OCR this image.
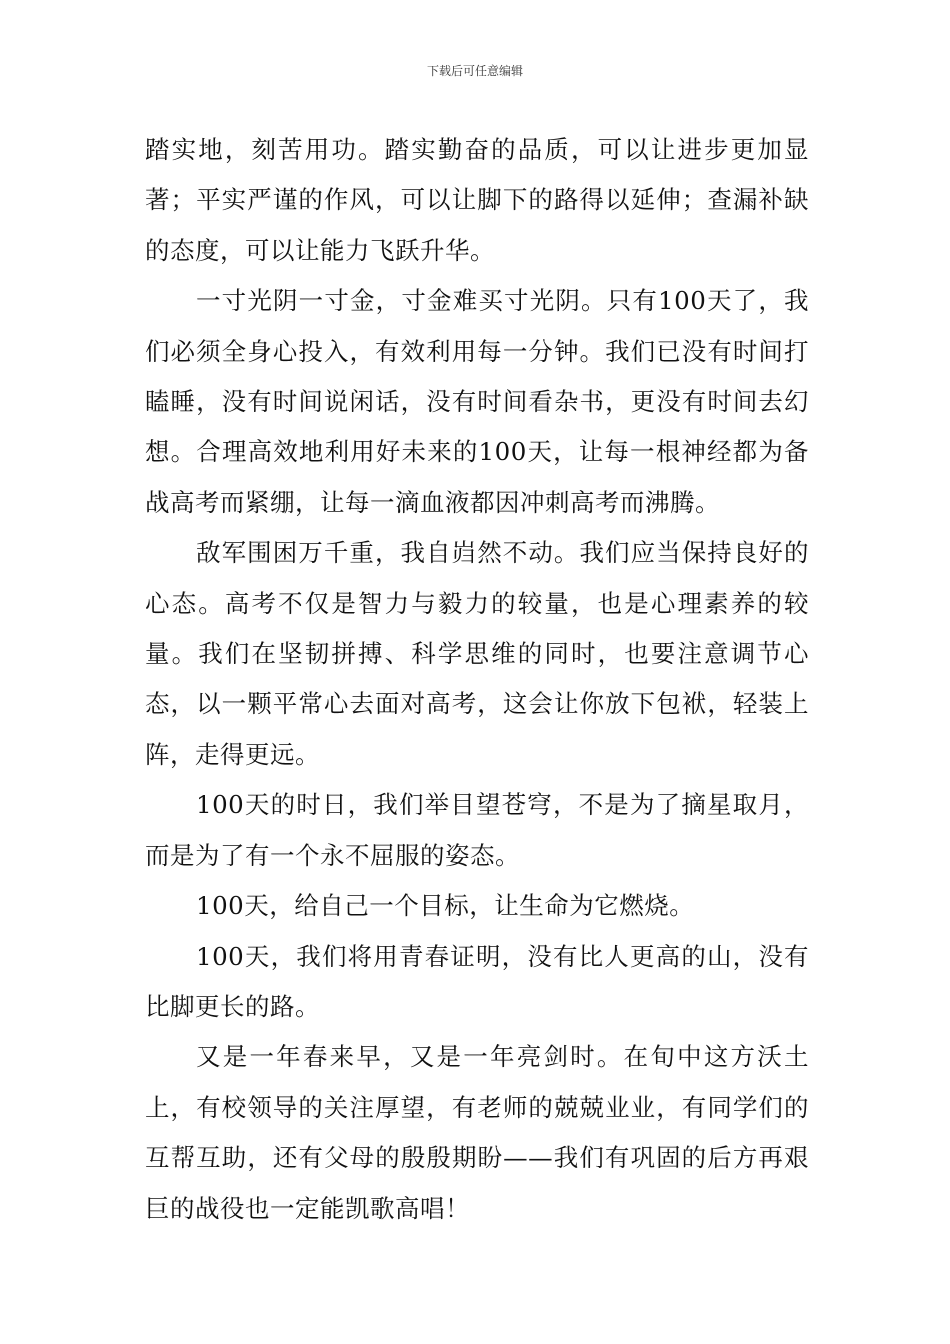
下载后可任意编辑

踏实地，刻苦用功。踏实勤奋的品质，可以让进步更加显著；平实严谨的作风，可以让脚下的路得以延伸；查漏补缺的态度，可以让能力飞跃升华。

一寸光阴一寸金，寸金难买寸光阴。只有100天了，我们必须全身心投入，有效利用每一分钟。我们已没有时间打瞌睡，没有时间说闲话，没有时间看杂书，更没有时间去幻想。合理高效地利用好未来的100天，让每一根神经都为备战高考而紧绷，让每一滴血液都因冲刺高考而沸腾。

敌军围困万千重，我自岿然不动。我们应当保持良好的心态。高考不仅是智力与毅力的较量，也是心理素养的较量。我们在坚韧拼搏、科学思维的同时，也要注意调节心态，以一颗平常心去面对高考，这会让你放下包袱，轻装上阵，走得更远。

100天的时日，我们举目望苍穹，不是为了摘星取月，而是为了有一个永不屈服的姿态。

100天，给自己一个目标，让生命为它燃烧。

100天，我们将用青春证明，没有比人更高的山，没有比脚更长的路。

又是一年春来早，又是一年亮剑时。在旬中这方沃土上，有校领导的关注厚望，有老师的兢兢业业，有同学们的互帮互助，还有父母的殷殷期盼——我们有巩固的后方再艰巨的战役也一定能凯歌高唱！
